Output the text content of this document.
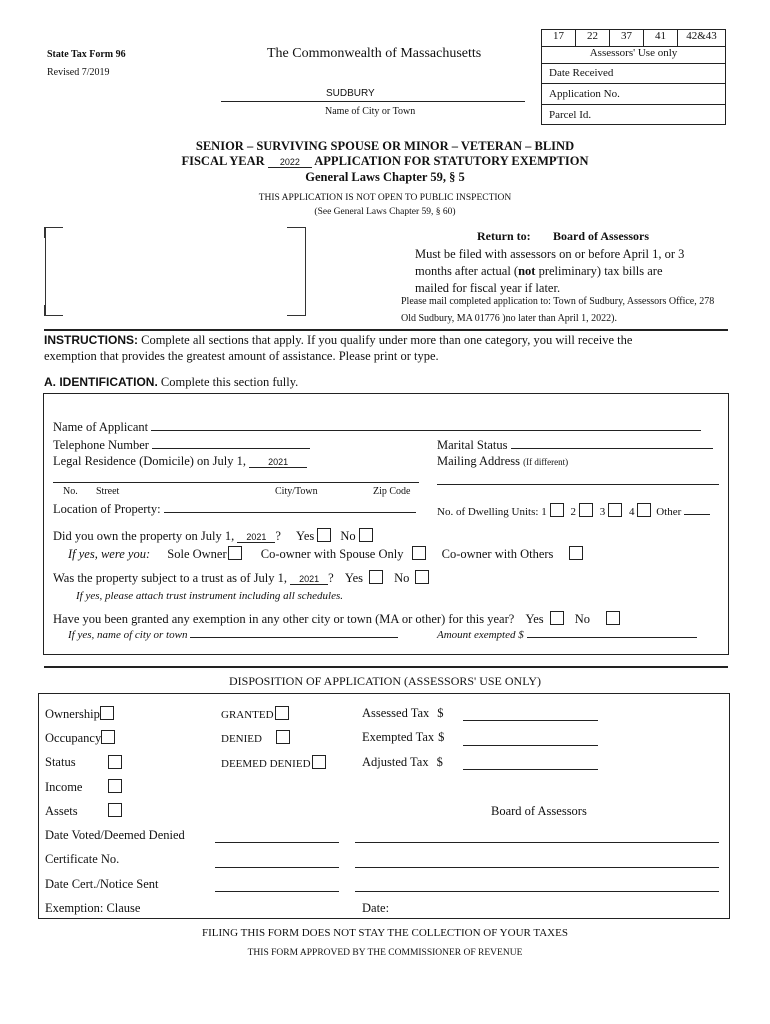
State Tax Form 96
Revised 7/2019
The Commonwealth of Massachusetts
SUDBURY
Name of City or Town
17	22	37	41	42&43
Assessors' Use only
Date Received
Application No.
Parcel Id.
SENIOR – SURVIVING SPOUSE OR MINOR – VETERAN – BLIND
FISCAL YEAR 2022 APPLICATION FOR STATUTORY EXEMPTION
General Laws Chapter 59, § 5
THIS APPLICATION IS NOT OPEN TO PUBLIC INSPECTION
(See General Laws Chapter 59, § 60)
Return to: Board of Assessors
Must be filed with assessors on or before April 1, or 3
months after actual (not preliminary) tax bills are
mailed for fiscal year if later.
Please mail completed application to: Town of Sudbury, Assessors Office, 278
Old Sudbury, MA 01776 )no later than April 1, 2022).
INSTRUCTIONS: Complete all sections that apply. If you qualify under more than one category, you will receive the
exemption that provides the greatest amount of assistance. Please print or type.
A. IDENTIFICATION. Complete this section fully.
Name of Applicant
Telephone Number	Marital Status
Legal Residence (Domicile) on July 1, 2021	Mailing Address (If different)
No. Street	City/Town	Zip Code
Location of Property:	No. of Dwelling Units: 1 2 3 4 Other
Did you own the property on July 1, 2021 ? Yes No
If yes, were you: Sole Owner	Co-owner with Spouse Only	Co-owner with Others
Was the property subject to a trust as of July 1, 2021 ? Yes No
If yes, please attach trust instrument including all schedules.
Have you been granted any exemption in any other city or town (MA or other) for this year? Yes No
If yes, name of city or town	Amount exempted $
DISPOSITION OF APPLICATION (ASSESSORS' USE ONLY)
Ownership
Occupancy
Status
Income
Assets
GRANTED
DENIED
DEEMED DENIED
Assessed Tax $
Exempted Tax $
Adjusted Tax $
Board of Assessors
Date Voted/Deemed Denied
Certificate No.
Date Cert./Notice Sent
Exemption: Clause	Date:
FILING THIS FORM DOES NOT STAY THE COLLECTION OF YOUR TAXES
THIS FORM APPROVED BY THE COMMISSIONER OF REVENUE
